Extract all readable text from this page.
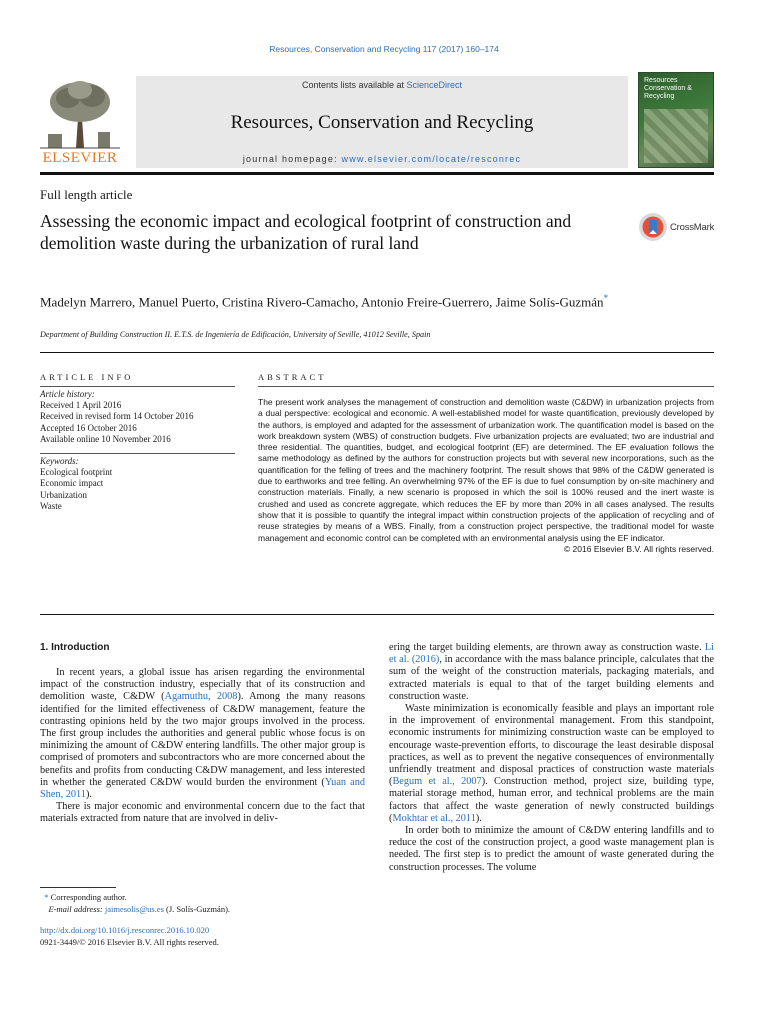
Resources, Conservation and Recycling 117 (2017) 160–174
ELSEVIER
Contents lists available at ScienceDirect
Resources, Conservation and Recycling
journal homepage: www.elsevier.com/locate/resconrec
Resources Conservation & Recycling
Full length article
Assessing the economic impact and ecological footprint of construction and demolition waste during the urbanization of rural land
CrossMark
Madelyn Marrero, Manuel Puerto, Cristina Rivero-Camacho, Antonio Freire-Guerrero, Jaime Solís-Guzmán*
Department of Building Construction II. E.T.S. de Ingeniería de Edificación, University of Seville, 41012 Seville, Spain
ARTICLE INFO	ABSTRACT
Article history:
Received 1 April 2016
Received in revised form 14 October 2016
Accepted 16 October 2016
Available online 10 November 2016
Keywords:
Ecological footprint
Economic impact
Urbanization
Waste
The present work analyses the management of construction and demolition waste (C&DW) in urbanization projects from a dual perspective: ecological and economic. A well-established model for waste quantification, previously developed by the authors, is employed and adapted for the assessment of urbanization work. The quantification model is based on the work breakdown system (WBS) of construction budgets. Five urbanization projects are evaluated; two are industrial and three residential. The quantities, budget, and ecological footprint (EF) are determined. The EF evaluation follows the same methodology as defined by the authors for construction projects but with several new incorporations, such as the quantification for the felling of trees and the machinery footprint. The result shows that 98% of the C&DW generated is due to earthworks and tree felling. An overwhelming 97% of the EF is due to fuel consumption by on-site machinery and construction materials. Finally, a new scenario is proposed in which the soil is 100% reused and the inert waste is crushed and used as concrete aggregate, which reduces the EF by more than 20% in all cases analysed. The results show that it is possible to quantify the integral impact within construction projects of the application of recycling and of reuse strategies by means of a WBS. Finally, from a construction project perspective, the traditional model for waste management and economic control can be completed with an environmental analysis using the EF indicator.
© 2016 Elsevier B.V. All rights reserved.
1. Introduction

In recent years, a global issue has arisen regarding the environmental impact of the construction industry, especially that of its construction and demolition waste, C&DW (Agamuthu, 2008). Among the many reasons identified for the limited effectiveness of C&DW management, feature the contrasting opinions held by the two major groups involved in the process. The first group includes the authorities and general public whose focus is on minimizing the amount of C&DW entering landfills. The other major group is comprised of promoters and subcontractors who are more concerned about the benefits and profits from conducting C&DW management, and less interested in whether the generated C&DW would burden the environment (Yuan and Shen, 2011).

There is major economic and environmental concern due to the fact that materials extracted from nature that are involved in deliv-

ering the target building elements, are thrown away as construction waste. Li et al. (2016), in accordance with the mass balance principle, calculates that the sum of the weight of the construction materials, packaging materials, and extracted materials is equal to that of the target building elements and construction waste.

Waste minimization is economically feasible and plays an important role in the improvement of environmental management. From this standpoint, economic instruments for minimizing construction waste can be employed to encourage waste-prevention efforts, to discourage the least desirable disposal practices, as well as to prevent the negative consequences of environmentally unfriendly treatment and disposal practices of construction waste materials (Begum et al., 2007). Construction method, project size, building type, material storage method, human error, and technical problems are the main factors that affect the waste generation of newly constructed buildings (Mokhtar et al., 2011).

In order both to minimize the amount of C&DW entering landfills and to reduce the cost of the construction project, a good waste management plan is needed. The first step is to predict the amount of waste generated during the construction processes. The volume

* Corresponding author.
E-mail address: jaimesolis@us.es (J. Solís-Guzmán).
http://dx.doi.org/10.1016/j.resconrec.2016.10.020
0921-3449/© 2016 Elsevier B.V. All rights reserved.
